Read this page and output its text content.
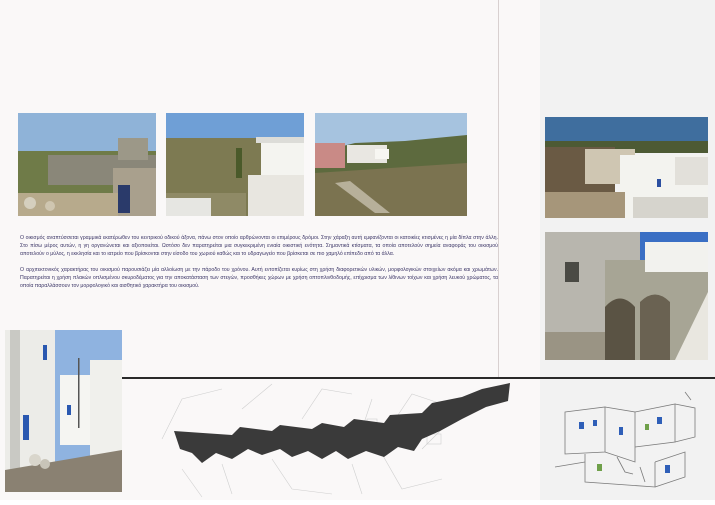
Ο οικισμός αναπτύσσεται γραμμικά εκατέρωθεν του κεντρικού οδικού άξονα, πάνω στον οποίο αρθρώνονται οι επιμέρους δρόμοι. Στην χάραξη αυτή εμφανίζονται οι κατοικίες κτισμένες η μία δίπλα στην άλλη. Στο πίσω μέρος αυτών, η γη οργανώνεται και αξιοποιείται. Ωστόσο δεν παρατηρείται μια συγκεκριμένη ενιαία οικιστική ενότητα. Σημαντικά κτίσματα, τα οποία αποτελούν σημεία αναφοράς του οικισμού αποτελούν ο μύλος, η εκκλησία και το ιατρείο που βρίσκονται στην είσοδο του χωριού καθώς και το υδραγωγείο που βρίσκεται σε πιο χαμηλό επίπεδο από τα άλλα.

Ο αρχιτεκτονικός χαρακτήρας του οικισμού παρουσιάζει μία αλλοίωση με την πάροδο του χρόνου. Αυτή εντοπίζεται κυρίως στη χρήση διαφορετικών υλικών, μορφολογικών στοιχείων ακόμα και χρωμάτων. Παρατηρείται η χρήση πλακών οπλισμένου σκυροδέματος για την αποκατάσταση των στεγών, προσθήκες χώρων με χρήση οπτοπλινθοδομής, επίχρισμα των λίθινων τοίχων και χρήση λευκού χρώματος, τα οποία παραλλάσσουν τον μορφολογικό και αισθητικό χαρακτήρα του οικισμού.
